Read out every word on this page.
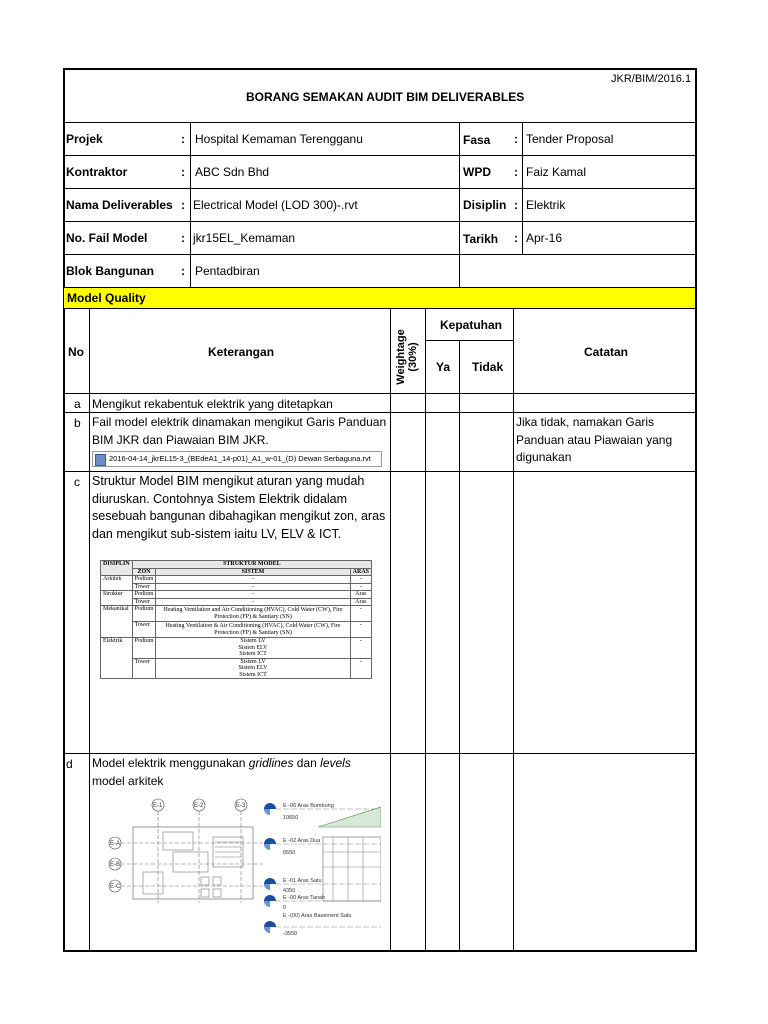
JKR/BIM/2016.1
BORANG SEMAKAN AUDIT BIM DELIVERABLES
Projek	: Hospital Kemaman Terengganu
Kontraktor	: ABC Sdn Bhd
Nama Deliverables : Electrical Model (LOD 300)-.rvt
No. Fail Model	: jkr15EL_Kemaman
Blok Bangunan : Pentadbiran
Fasa : Tender Proposal
WPD : Faiz Kamal
Disiplin : Elektrik
Tarikh : Apr-16
Model Quality
No	Keterangan	Weightage (30%)
Kepatuhan
Ya Tidak
Catatan
a Mengikut rekabentuk elektrik yang ditetapkan
b Fail model elektrik dinamakan mengikut Garis Panduan BIM JKR dan Piawaian BIM JKR.
2016-04-14_jkrEL15-3_(BEdeA1_14-p01)_A1_w-01_(D) Dewan Serbaguna.rvt
Jika tidak, namakan Garis Panduan atau Piawaian yang digunakan
c Struktur Model BIM mengikut aturan yang mudah diuruskan. Contohnya Sistem Elektrik didalam sesebuah bangunan dibahagikan mengikut zon, aras dan mengikut sub-sistem iaitu LV, ELV & ICT.
DISIPLIN	STRUKTUR MODEL		
	ZON	SISTEM	ARAS
Arkitek	Podium	-	-
	Tower	-	-
Struktur	Podium	-	Aras
	Tower	-	Aras
Mekanikal	Podium	Heating Ventilation and Air Conditioning (HVAC), Cold Water (CW), Fire Protection (FP) & Sanitary (SN)	-
	Tower	Heating Ventilation & Air Conditioning (HVAC), Cold Water (CW), Fire Protection (FP) & Sanitary (SN)	-
Elektrik	Podium	Sistem LV
Sistem ELV
Sistem ICT	-
	Tower	Sistem LV
Sistem ELV
Sistem ICT	-
d Model elektrik menggunakan gridlines dan levels
model arkitek
E-1	E-2	E-3
E-A
E-B
E-C
E -06 Aras Bumbung
10650
E -02 Aras Dua
6550
E -01 Aras Satu
4350
E -00 Aras Tanah
0
E -(00) Aras Basement Satu
-3550
